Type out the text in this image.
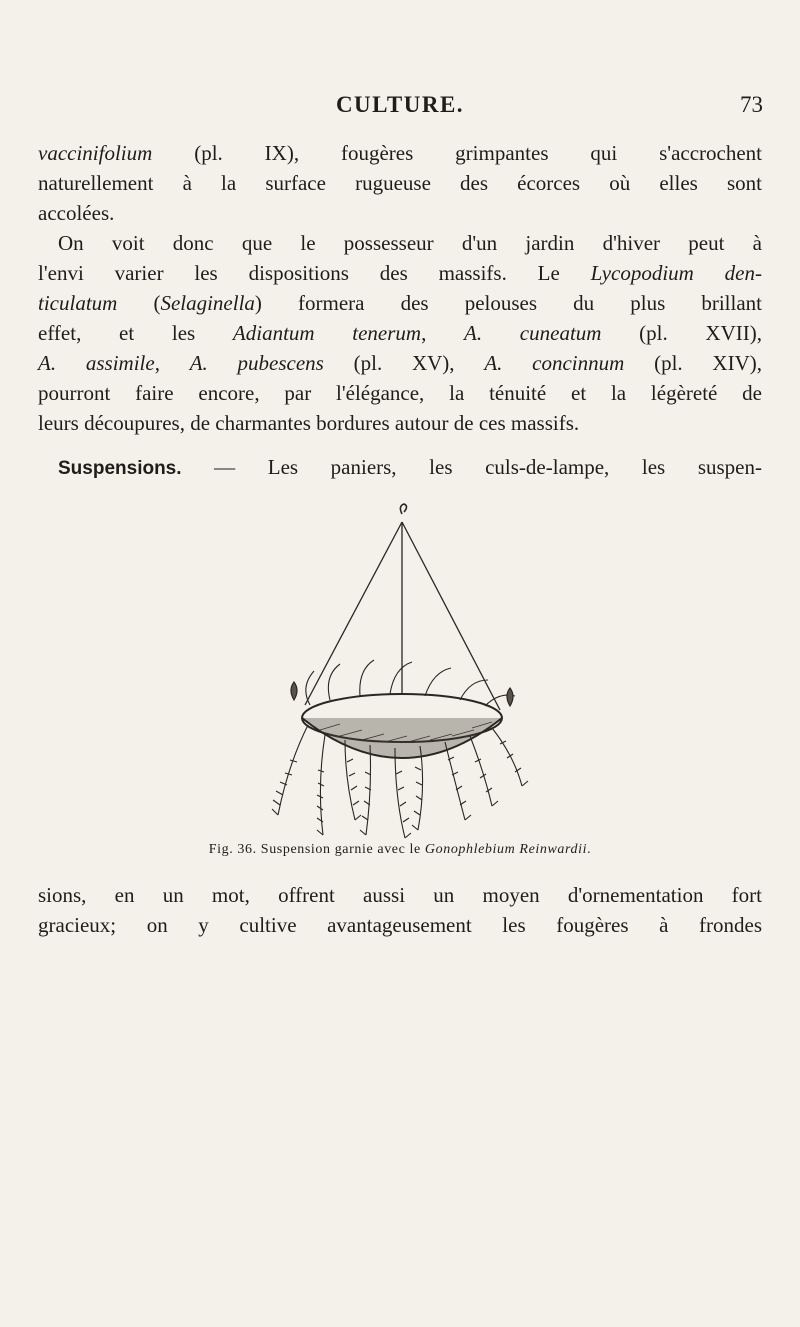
CULTURE.	73
vaccinifolium (pl. IX), fougères grimpantes qui s'accrochent
naturellement à la surface rugueuse des écorces où elles sont
accolées.
On voit donc que le possesseur d'un jardin d'hiver peut à
l'envi varier les dispositions des massifs. Le Lycopodium den-
ticulatum (Selaginella) formera des pelouses du plus brillant
effet, et les Adiantum tenerum, A. cuneatum (pl. XVII),
A. assimile, A. pubescens (pl. XV), A. concinnum (pl. XIV),
pourront faire encore, par l'élégance, la ténuité et la légèreté de
leurs découpures, de charmantes bordures autour de ces massifs.
Suspensions. — Les paniers, les culs-de-lampe, les suspen-
Fig. 36. Suspension garnie avec le Gonophlebium Reinwardii.
sions, en un mot, offrent aussi un moyen d'ornementation fort
gracieux; on y cultive avantageusement les fougères à frondes
